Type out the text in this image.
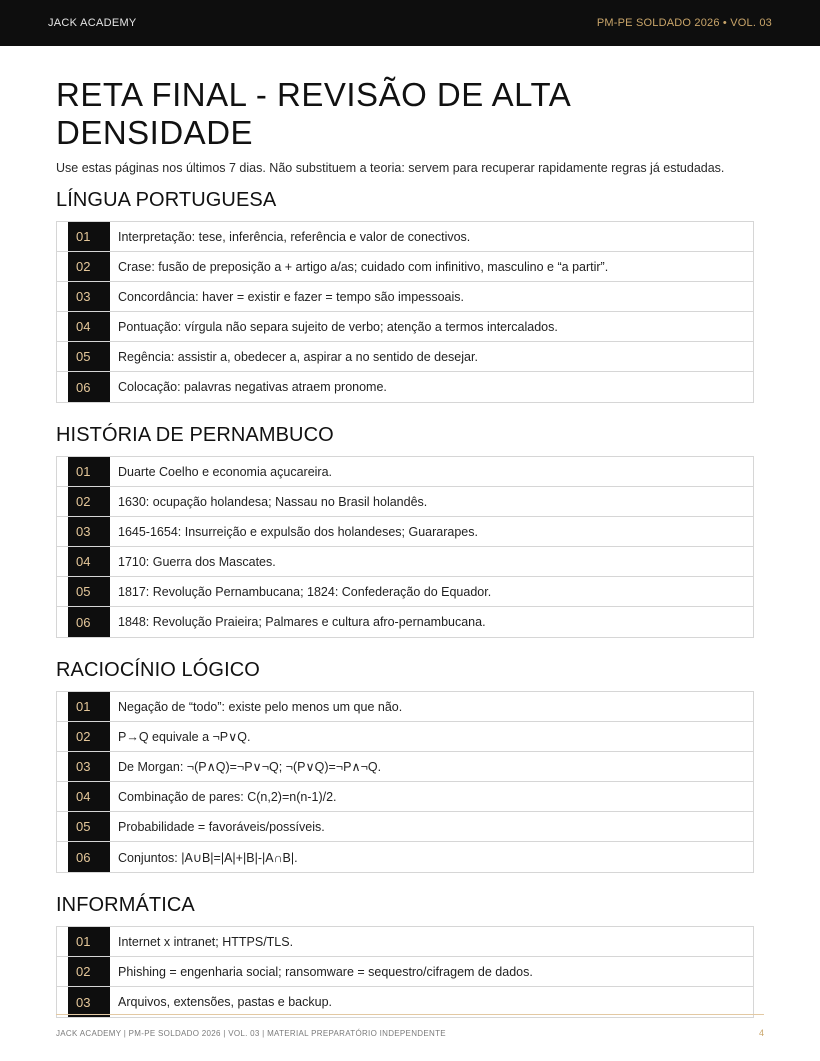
JACK ACADEMY	PM-PE SOLDADO 2026 • VOL. 03
RETA FINAL - REVISÃO DE ALTA DENSIDADE

Use estas páginas nos últimos 7 dias. Não substituem a teoria: servem para recuperar rapidamente regras já estudadas.

LÍNGUA PORTUGUESA
01	Interpretação: tese, inferência, referência e valor de conectivos.
02	Crase: fusão de preposição a + artigo a/as; cuidado com infinitivo, masculino e “a partir”.
03	Concordância: haver = existir e fazer = tempo são impessoais.
04	Pontuação: vírgula não separa sujeito de verbo; atenção a termos intercalados.
05	Regência: assistir a, obedecer a, aspirar a no sentido de desejar.
06	Colocação: palavras negativas atraem pronome.
HISTÓRIA DE PERNAMBUCO
01	Duarte Coelho e economia açucareira.
02	1630: ocupação holandesa; Nassau no Brasil holandês.
03	1645-1654: Insurreição e expulsão dos holandeses; Guararapes.
04	1710: Guerra dos Mascates.
05	1817: Revolução Pernambucana; 1824: Confederação do Equador.
06	1848: Revolução Praieira; Palmares e cultura afro-pernambucana.
RACIOCÍNIO LÓGICO
01	Negação de “todo”: existe pelo menos um que não.
02	P→Q equivale a ¬P∨Q.
03	De Morgan: ¬(P∧Q)=¬P∨¬Q; ¬(P∨Q)=¬P∧¬Q.
04	Combinação de pares: C(n,2)=n(n-1)/2.
05	Probabilidade = favoráveis/possíveis.
06	Conjuntos: |A∪B|=|A|+|B|-|A∩B|.
INFORMÁTICA
01	Internet x intranet; HTTPS/TLS.
02	Phishing = engenharia social; ransomware = sequestro/cifragem de dados.
03	Arquivos, extensões, pastas e backup.
JACK ACADEMY | PM-PE SOLDADO 2026 | VOL. 03 | MATERIAL PREPARATÓRIO INDEPENDENTE	4
